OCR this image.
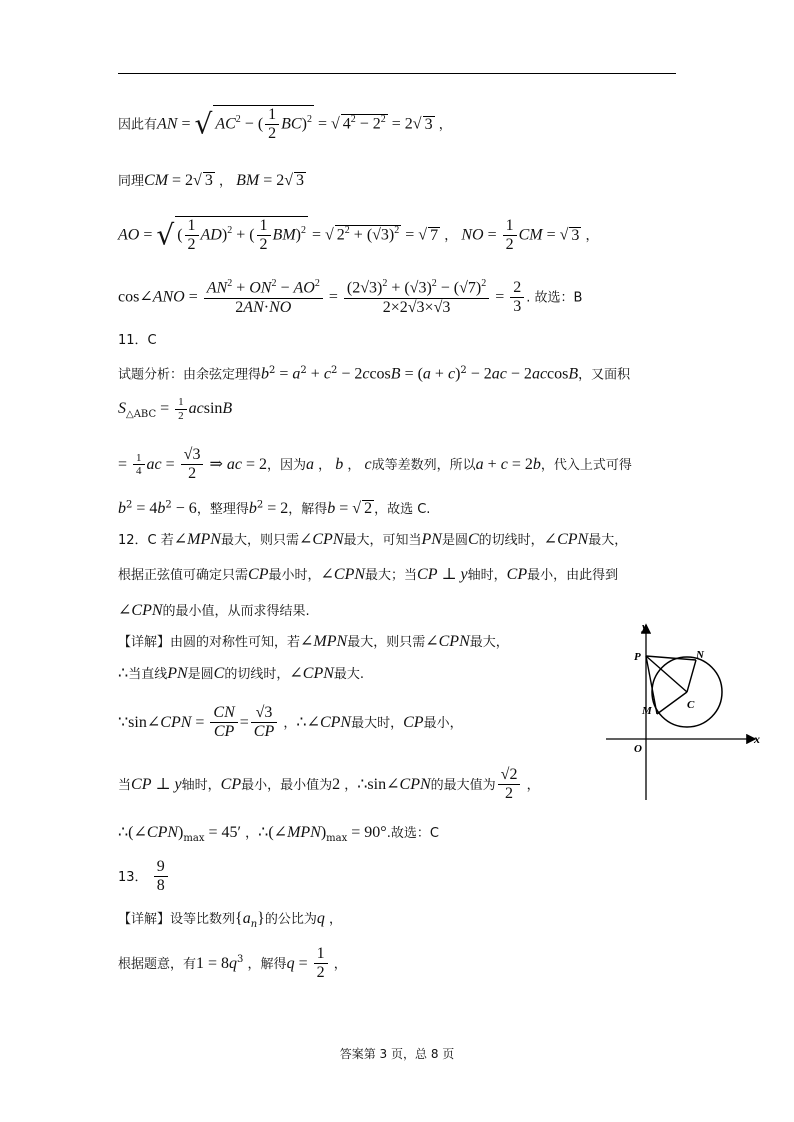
因此有AN = √ $AC^2$ − ( $\frac{1}{2} BC)^2$ = √ $4^2 - 2^2 = 2√$ 3 ，
同理CM = 2√ 3 ， BM = 2√ 3
AO = √ ( $\frac{1}{2} AD)^2$ + ( $\frac{1}{2} BM)^2$ = √ $2^2 + (√3)^2$ = √ 7 ， NO = $\frac{1}{2}$ CM = √ 3 ，
cos∠ANO = $\frac{AN^2 + ON^2 - AO^2}{2AN\cdot NO} = \frac{(2√3)^2 + (√3)^2 - (√7)^2}{2\times 2√3\times√3} = \frac{2}{3}$ . 故选：B
11．C
试题分析：由余弦定理得$b^2 = a^2 + c^2 - 2ccosB = (a + c)^2 - 2ac - 2accosB$，又面积
$S_{\triangle ABC} = \frac{1}{2}$ acsinB
= $\frac{1}{4}$ ac = $\frac{√3}{2}$ ⇒ ac = 2，因为a ， b ， c成等差数列，所以a + c = 2b，代入上式可得
$b^2 = 4b^2 - 6$，整理得$b^2 = 2$，解得b = √ 2 ，故选 C.
12．C 若∠MPN最大，则只需∠CPN最大，可知当PN是圆C的切线时，∠CPN最大，
根据正弦值可确定只需CP最小时，∠CPN最大；当CP ⊥ y轴时，CP最小，由此得到
∠CPN的最小值，从而求得结果.
【详解】由圆的对称性可知，若∠MPN最大，则只需∠CPN最大，
∴当直线PN是圆C的切线时，∠CPN最大.
∵sin∠CPN = $\frac{CN}{CP} = \frac{√3}{CP}$ ，∴∠CPN最大时，CP最小，
当CP ⊥ y轴时，CP最小，最小值为2 ，∴sin∠CPN的最大值为 $\frac{√2}{2}$ ，
$\therefore(\angle CPN)_{max} = 45'$ ，$\therefore(\angle MPN)_{max} = 90^\circ$.故选：C
13． $\frac{9}{8}$
【详解】设等比数列$\{a_n\}$的公比为q ，
根据题意，有$1 = 8q^3$ ，解得$q = \frac{1}{2}$ ，
y
x
O
P	N
M	C
答案第 3 页，总 8 页
